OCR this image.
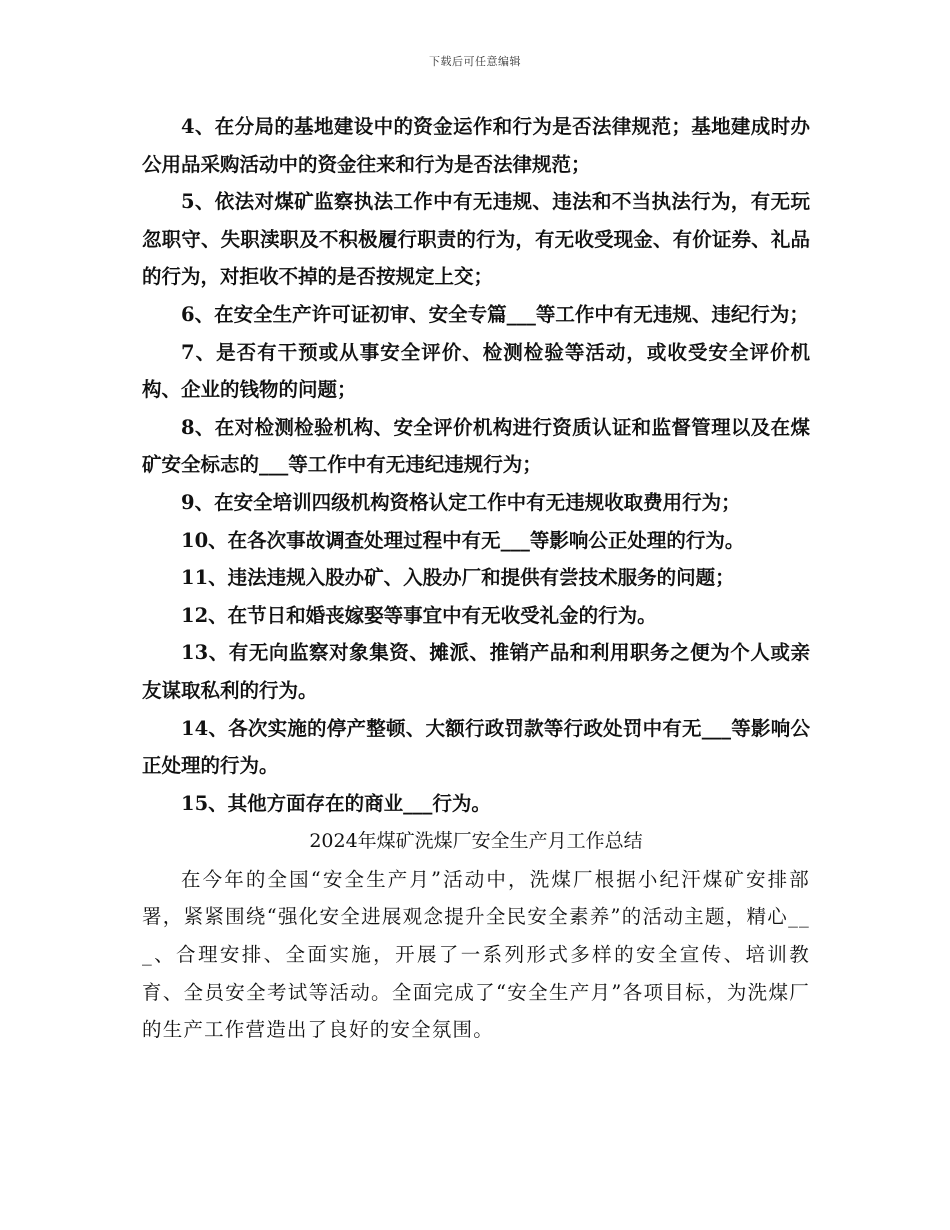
下载后可任意编辑

4、在分局的基地建设中的资金运作和行为是否法律规范；基地建成时办公用品采购活动中的资金往来和行为是否法律规范；

5、依法对煤矿监察执法工作中有无违规、违法和不当执法行为，有无玩忽职守、失职渎职及不积极履行职责的行为，有无收受现金、有价证券、礼品的行为，对拒收不掉的是否按规定上交；

6、在安全生产许可证初审、安全专篇___等工作中有无违规、违纪行为；

7、是否有干预或从事安全评价、检测检验等活动，或收受安全评价机构、企业的钱物的问题；

8、在对检测检验机构、安全评价机构进行资质认证和监督管理以及在煤矿安全标志的___等工作中有无违纪违规行为；

9、在安全培训四级机构资格认定工作中有无违规收取费用行为；

10、在各次事故调查处理过程中有无___等影响公正处理的行为。

11、违法违规入股办矿、入股办厂和提供有尝技术服务的问题；

12、在节日和婚丧嫁娶等事宜中有无收受礼金的行为。

13、有无向监察对象集资、摊派、推销产品和利用职务之便为个人或亲友谋取私利的行为。

14、各次实施的停产整顿、大额行政罚款等行政处罚中有无___等影响公正处理的行为。

15、其他方面存在的商业___行为。

2024年煤矿洗煤厂安全生产月工作总结

在今年的全国“安全生产月”活动中，洗煤厂根据小纪汗煤矿安排部署，紧紧围绕“强化安全进展观念提升全民安全素养”的活动主题，精心___、合理安排、全面实施，开展了一系列形式多样的安全宣传、培训教育、全员安全考试等活动。全面完成了“安全生产月”各项目标，为洗煤厂的生产工作营造出了良好的安全氛围。
